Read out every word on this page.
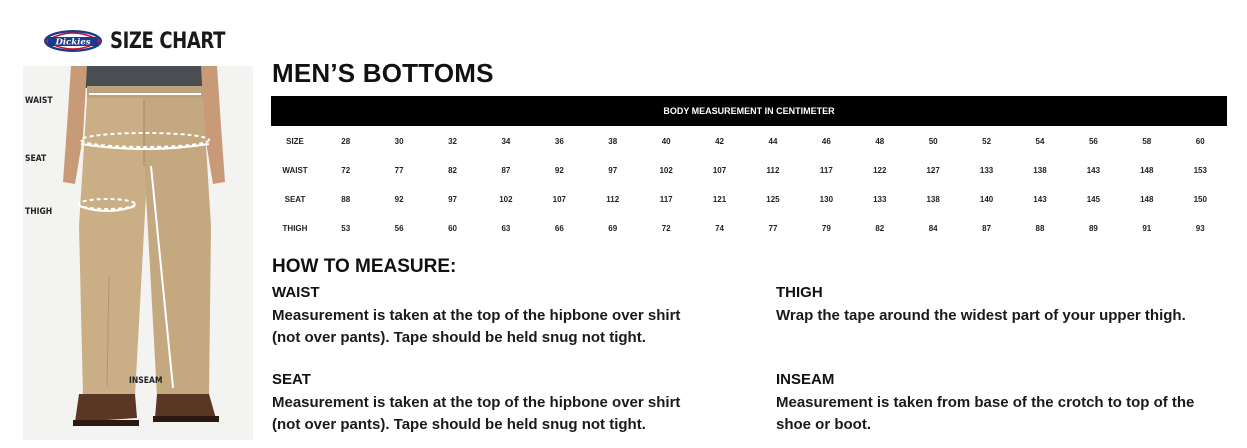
Dickies SIZE CHART
WAIST
SEAT
THIGH
INSEAM
MEN’S BOTTOMS
BODY MEASUREMENT IN CENTIMETER
SIZE	28	30	32	34	36	38	40	42	44	46	48	50	52	54	56	58	60
WAIST	72	77	82	87	92	97	102	107	112	117	122	127	133	138	143	148	153
SEAT	88	92	97	102	107	112	117	121	125	130	133	138	140	143	145	148	150
THIGH	53	56	60	63	66	69	72	74	77	79	82	84	87	88	89	91	93
HOW TO MEASURE:
WAIST
Measurement is taken at the top of the hipbone over shirt
(not over pants). Tape should be held snug not tight.
SEAT
Measurement is taken at the top of the hipbone over shirt
(not over pants). Tape should be held snug not tight.
THIGH
Wrap the tape around the widest part of your upper thigh.
INSEAM
Measurement is taken from base of the crotch to top of the
shoe or boot.
